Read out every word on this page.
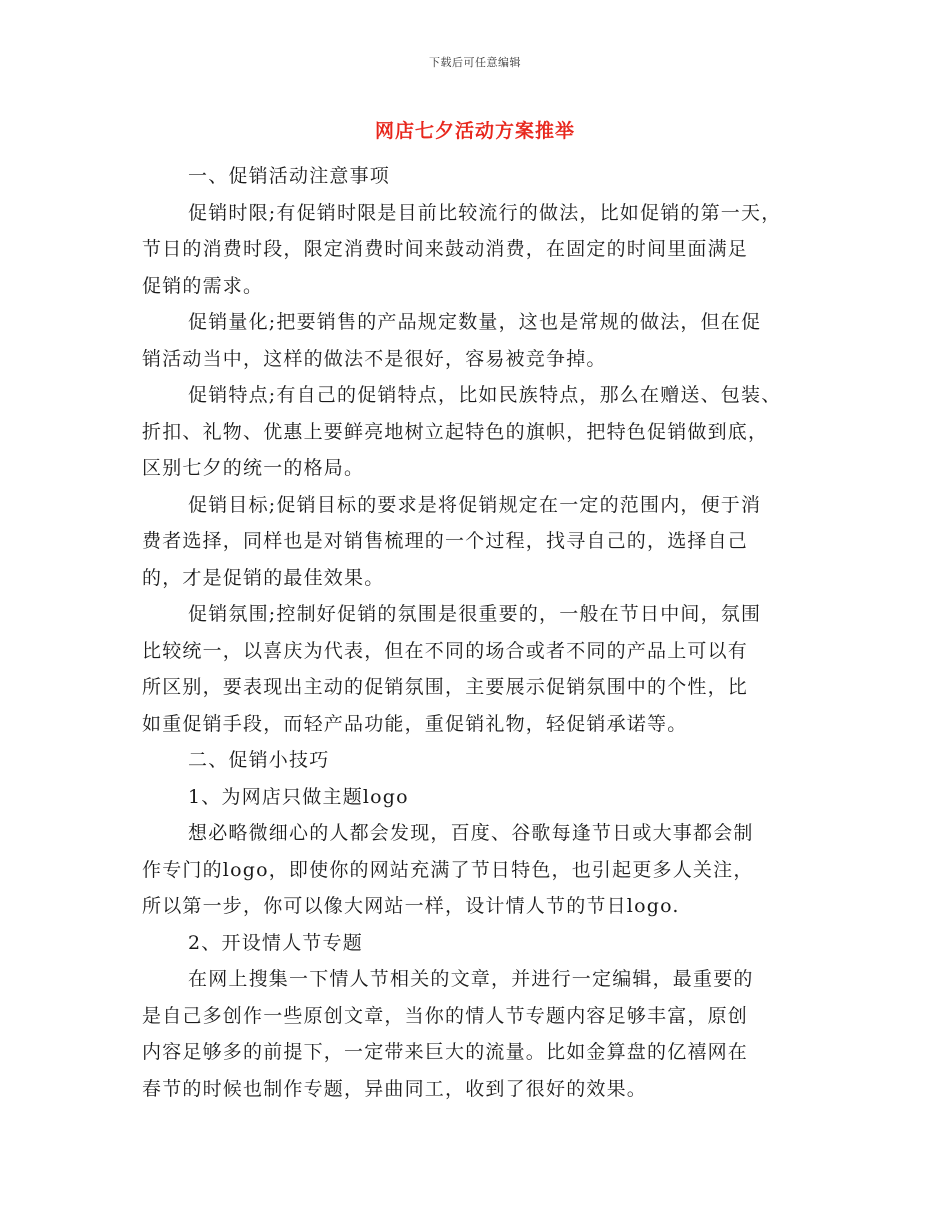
下载后可任意编辑
网店七夕活动方案推举
一、促销活动注意事项
促销时限;有促销时限是目前比较流行的做法，比如促销的第一天，
节日的消费时段，限定消费时间来鼓动消费，在固定的时间里面满足
促销的需求。
促销量化;把要销售的产品规定数量，这也是常规的做法，但在促
销活动当中，这样的做法不是很好，容易被竞争掉。
促销特点;有自己的促销特点，比如民族特点，那么在赠送、包装、
折扣、礼物、优惠上要鲜亮地树立起特色的旗帜，把特色促销做到底，
区别七夕的统一的格局。
促销目标;促销目标的要求是将促销规定在一定的范围内，便于消
费者选择，同样也是对销售梳理的一个过程，找寻自己的，选择自己
的，才是促销的最佳效果。
促销氛围;控制好促销的氛围是很重要的，一般在节日中间，氛围
比较统一，以喜庆为代表，但在不同的场合或者不同的产品上可以有
所区别，要表现出主动的促销氛围，主要展示促销氛围中的个性，比
如重促销手段，而轻产品功能，重促销礼物，轻促销承诺等。
二、促销小技巧
1、为网店只做主题logo
想必略微细心的人都会发现，百度、谷歌每逢节日或大事都会制
作专门的logo，即使你的网站充满了节日特色，也引起更多人关注，
所以第一步，你可以像大网站一样，设计情人节的节日logo.
2、开设情人节专题
在网上搜集一下情人节相关的文章，并进行一定编辑，最重要的
是自己多创作一些原创文章，当你的情人节专题内容足够丰富，原创
内容足够多的前提下，一定带来巨大的流量。比如金算盘的亿禧网在
春节的时候也制作专题，异曲同工，收到了很好的效果。
